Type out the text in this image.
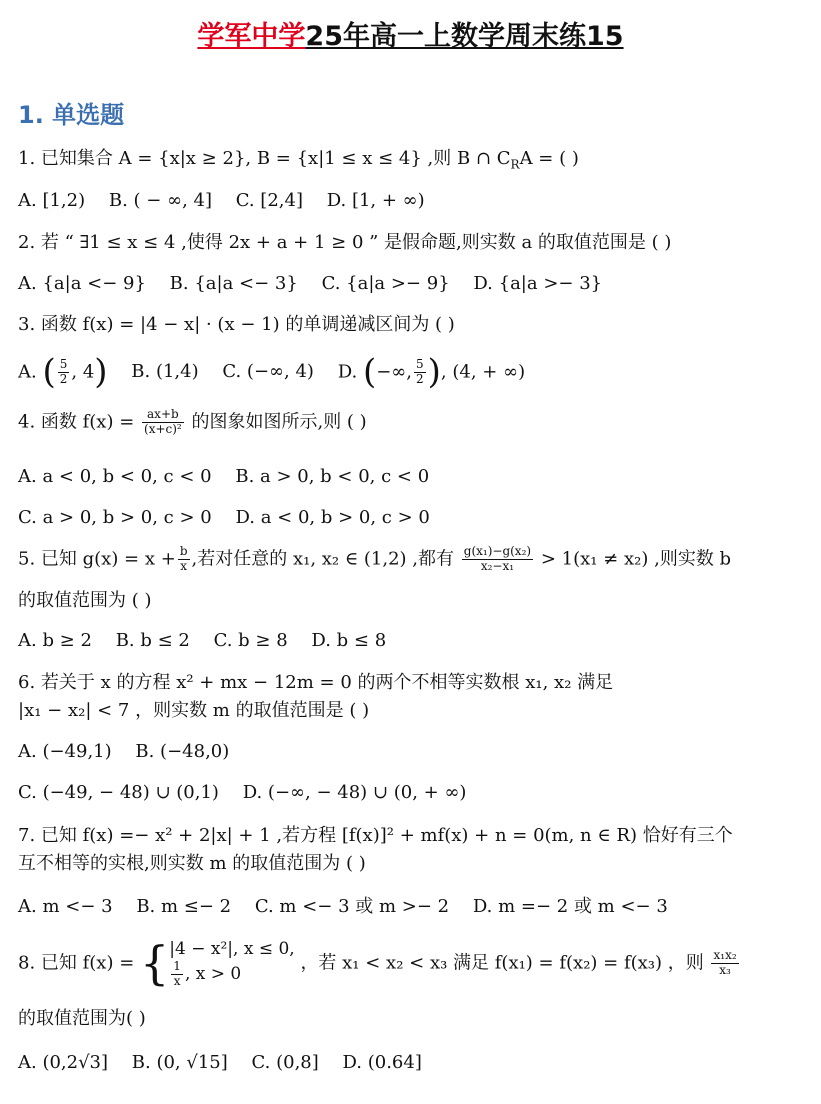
学军中学25年高一上数学周末练15
1. 单选题
1. 已知集合 A = {x|x ≥ 2}, B = {x|1 ≤ x ≤ 4} ,则 B ∩ $C_RA$ = ( )
A. [1,2) B. ( − ∞, 4] C. [2,4] D. [1, + ∞)
2. 若 “ ∃1 ≤ x ≤ 4 ,使得 2x + a + 1 ≥ 0 ” 是假命题,则实数 a 的取值范围是 ( )
A. {a|a <− 9} B. {a|a <− 3} C. {a|a >− 9} D. {a|a >− 3}
3. 函数 f(x) = |4 − x| · (x − 1) 的单调递减区间为 ( )
A. ( $\frac{5}{2}$ , 4) B. (1,4) C. (−∞, 4) D. (−∞, $\frac{5}{2}$ ), (4, + ∞)
4. 函数 $f(x) = \frac{ax+b}{\text{(x+c)²}}$ 的图象如图所示,则 ( )
A. a < 0, b < 0, c < 0 B. a > 0, b < 0, c < 0
C. a > 0, b > 0, c > 0 D. a < 0, b > 0, c > 0
5. 已知 $g(x) = x + \frac{b}{x}$ ,若对任意的 x₁, x₂ ∈ (1,2) ,都有 $\frac{\text{g(x₁)−g(x₂)}}{\text{x₂−x₁}} > 1(x_1 \ne x_2)$ ,则实数 b
的取值范围为 ( )
A. b ≥ 2 B. b ≤ 2 C. b ≥ 8 D. b ≤ 8
6. 若关于 x 的方程 x² + mx − 12m = 0 的两个不相等实数根 x₁, x₂ 满足
|x₁ − x₂| < 7 ，则实数 m 的取值范围是 ( )
A. (−49,1) B. (−48,0)
C. (−49, − 48) ∪ (0,1) D. (−∞, − 48) ∪ (0, + ∞)
7. 已知 f(x) =− x² + 2|x| + 1 ,若方程 [f(x)]² + mf(x) + n = 0(m, n ∈ R) 恰好有三个
互不相等的实根,则实数 m 的取值范围为 ( )
A. m <− 3 B. m ≤− 2 C. m <− 3 或 m >− 2 D. m =− 2 或 m <− 3
8. 已知 f(x) = { |4 − x²|, x ≤ 0,
$\frac{1}{x}$ , x > 0
，若 x₁ < x₂ < x₃ 满足 f(x₁) = f(x₂) = f(x₃) ，则 $\frac{\text{x₁x₂}}{\text{x₃}}$
的取值范围为( )
A. (0,2√3] B. (0, √15] C. (0,8] D. (0.64]
